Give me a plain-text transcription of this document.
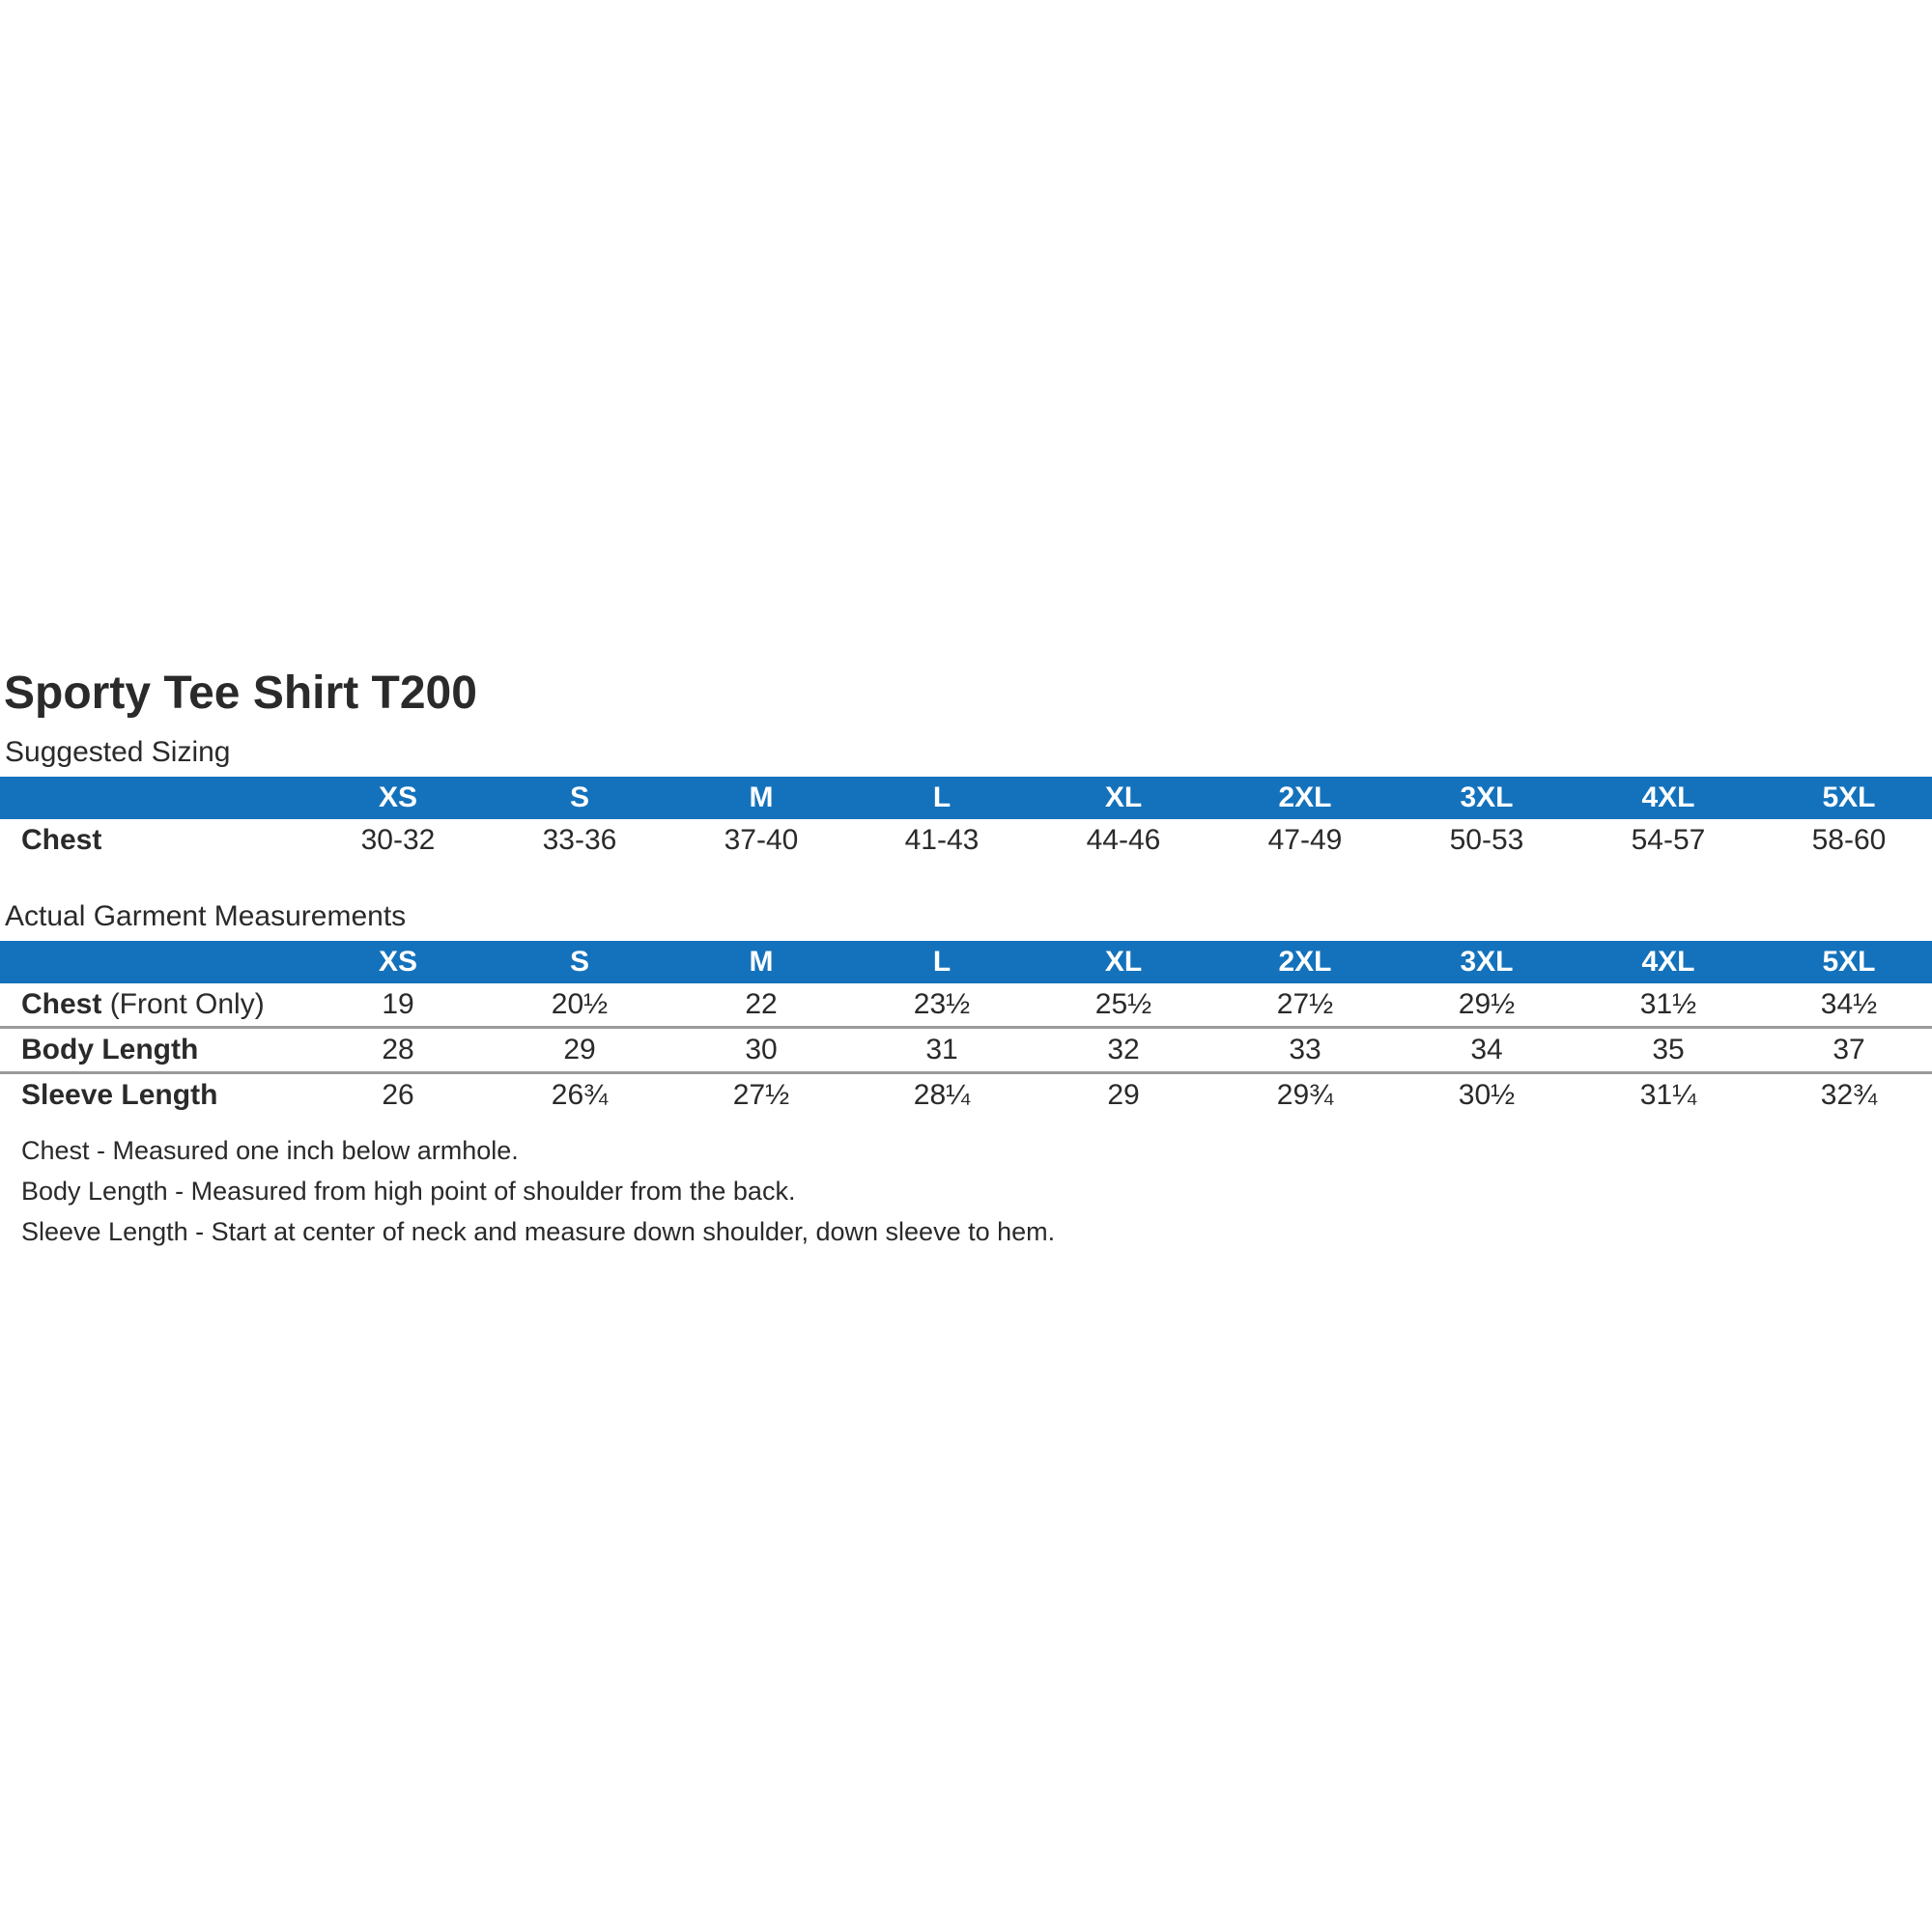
Sporty Tee Shirt T200
Suggested Sizing
XS	S	M	L	XL	2XL	3XL	4XL	5XL
Chest	30-32	33-36	37-40	41-43	44-46	47-49	50-53	54-57	58-60
Actual Garment Measurements
XS	S	M	L	XL	2XL	3XL	4XL	5XL
Chest (Front Only)	19	20½	22	23½	25½	27½	29½	31½	34½
Body Length	28	29	30	31	32	33	34	35	37
Sleeve Length	26	26¾	27½	28¼	29	29¾	30½	31¼	32¾
Chest - Measured one inch below armhole.
Body Length - Measured from high point of shoulder from the back.
Sleeve Length - Start at center of neck and measure down shoulder, down sleeve to hem.
